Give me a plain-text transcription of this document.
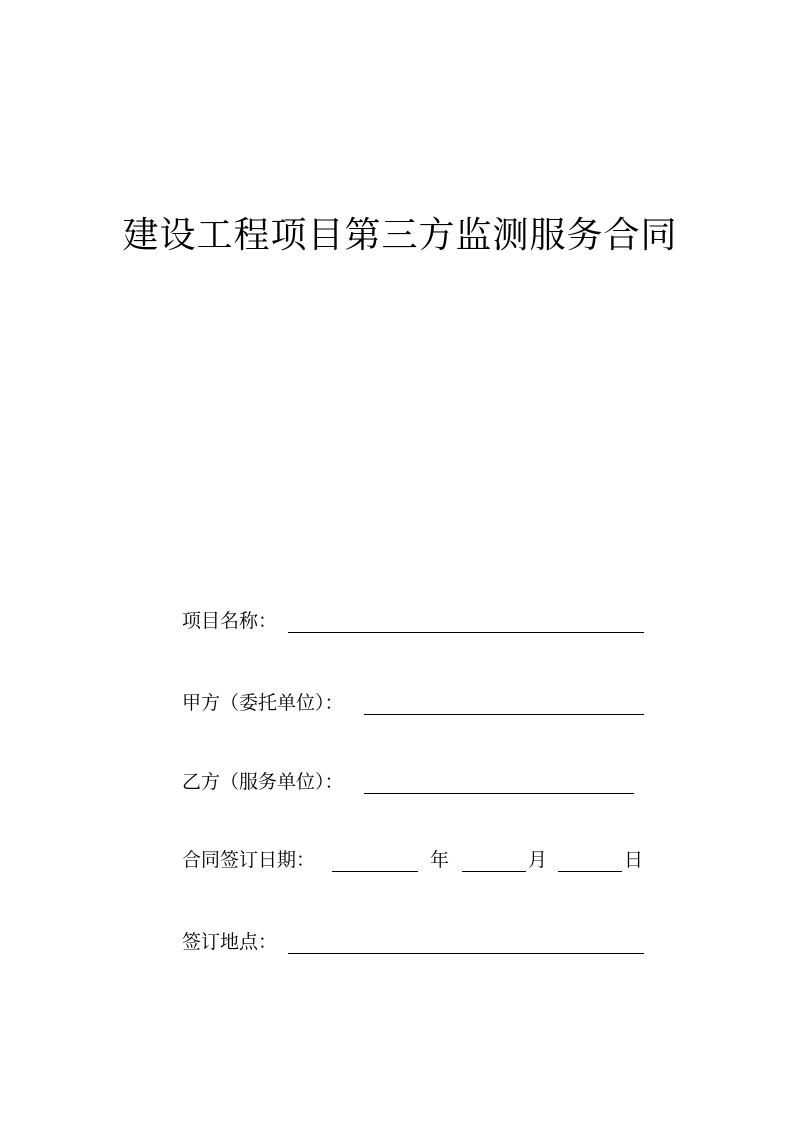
建设工程项目第三方监测服务合同
项目名称：
甲方（委托单位）：
乙方（服务单位）：
合同签订日期：	年	月	日
签订地点：
